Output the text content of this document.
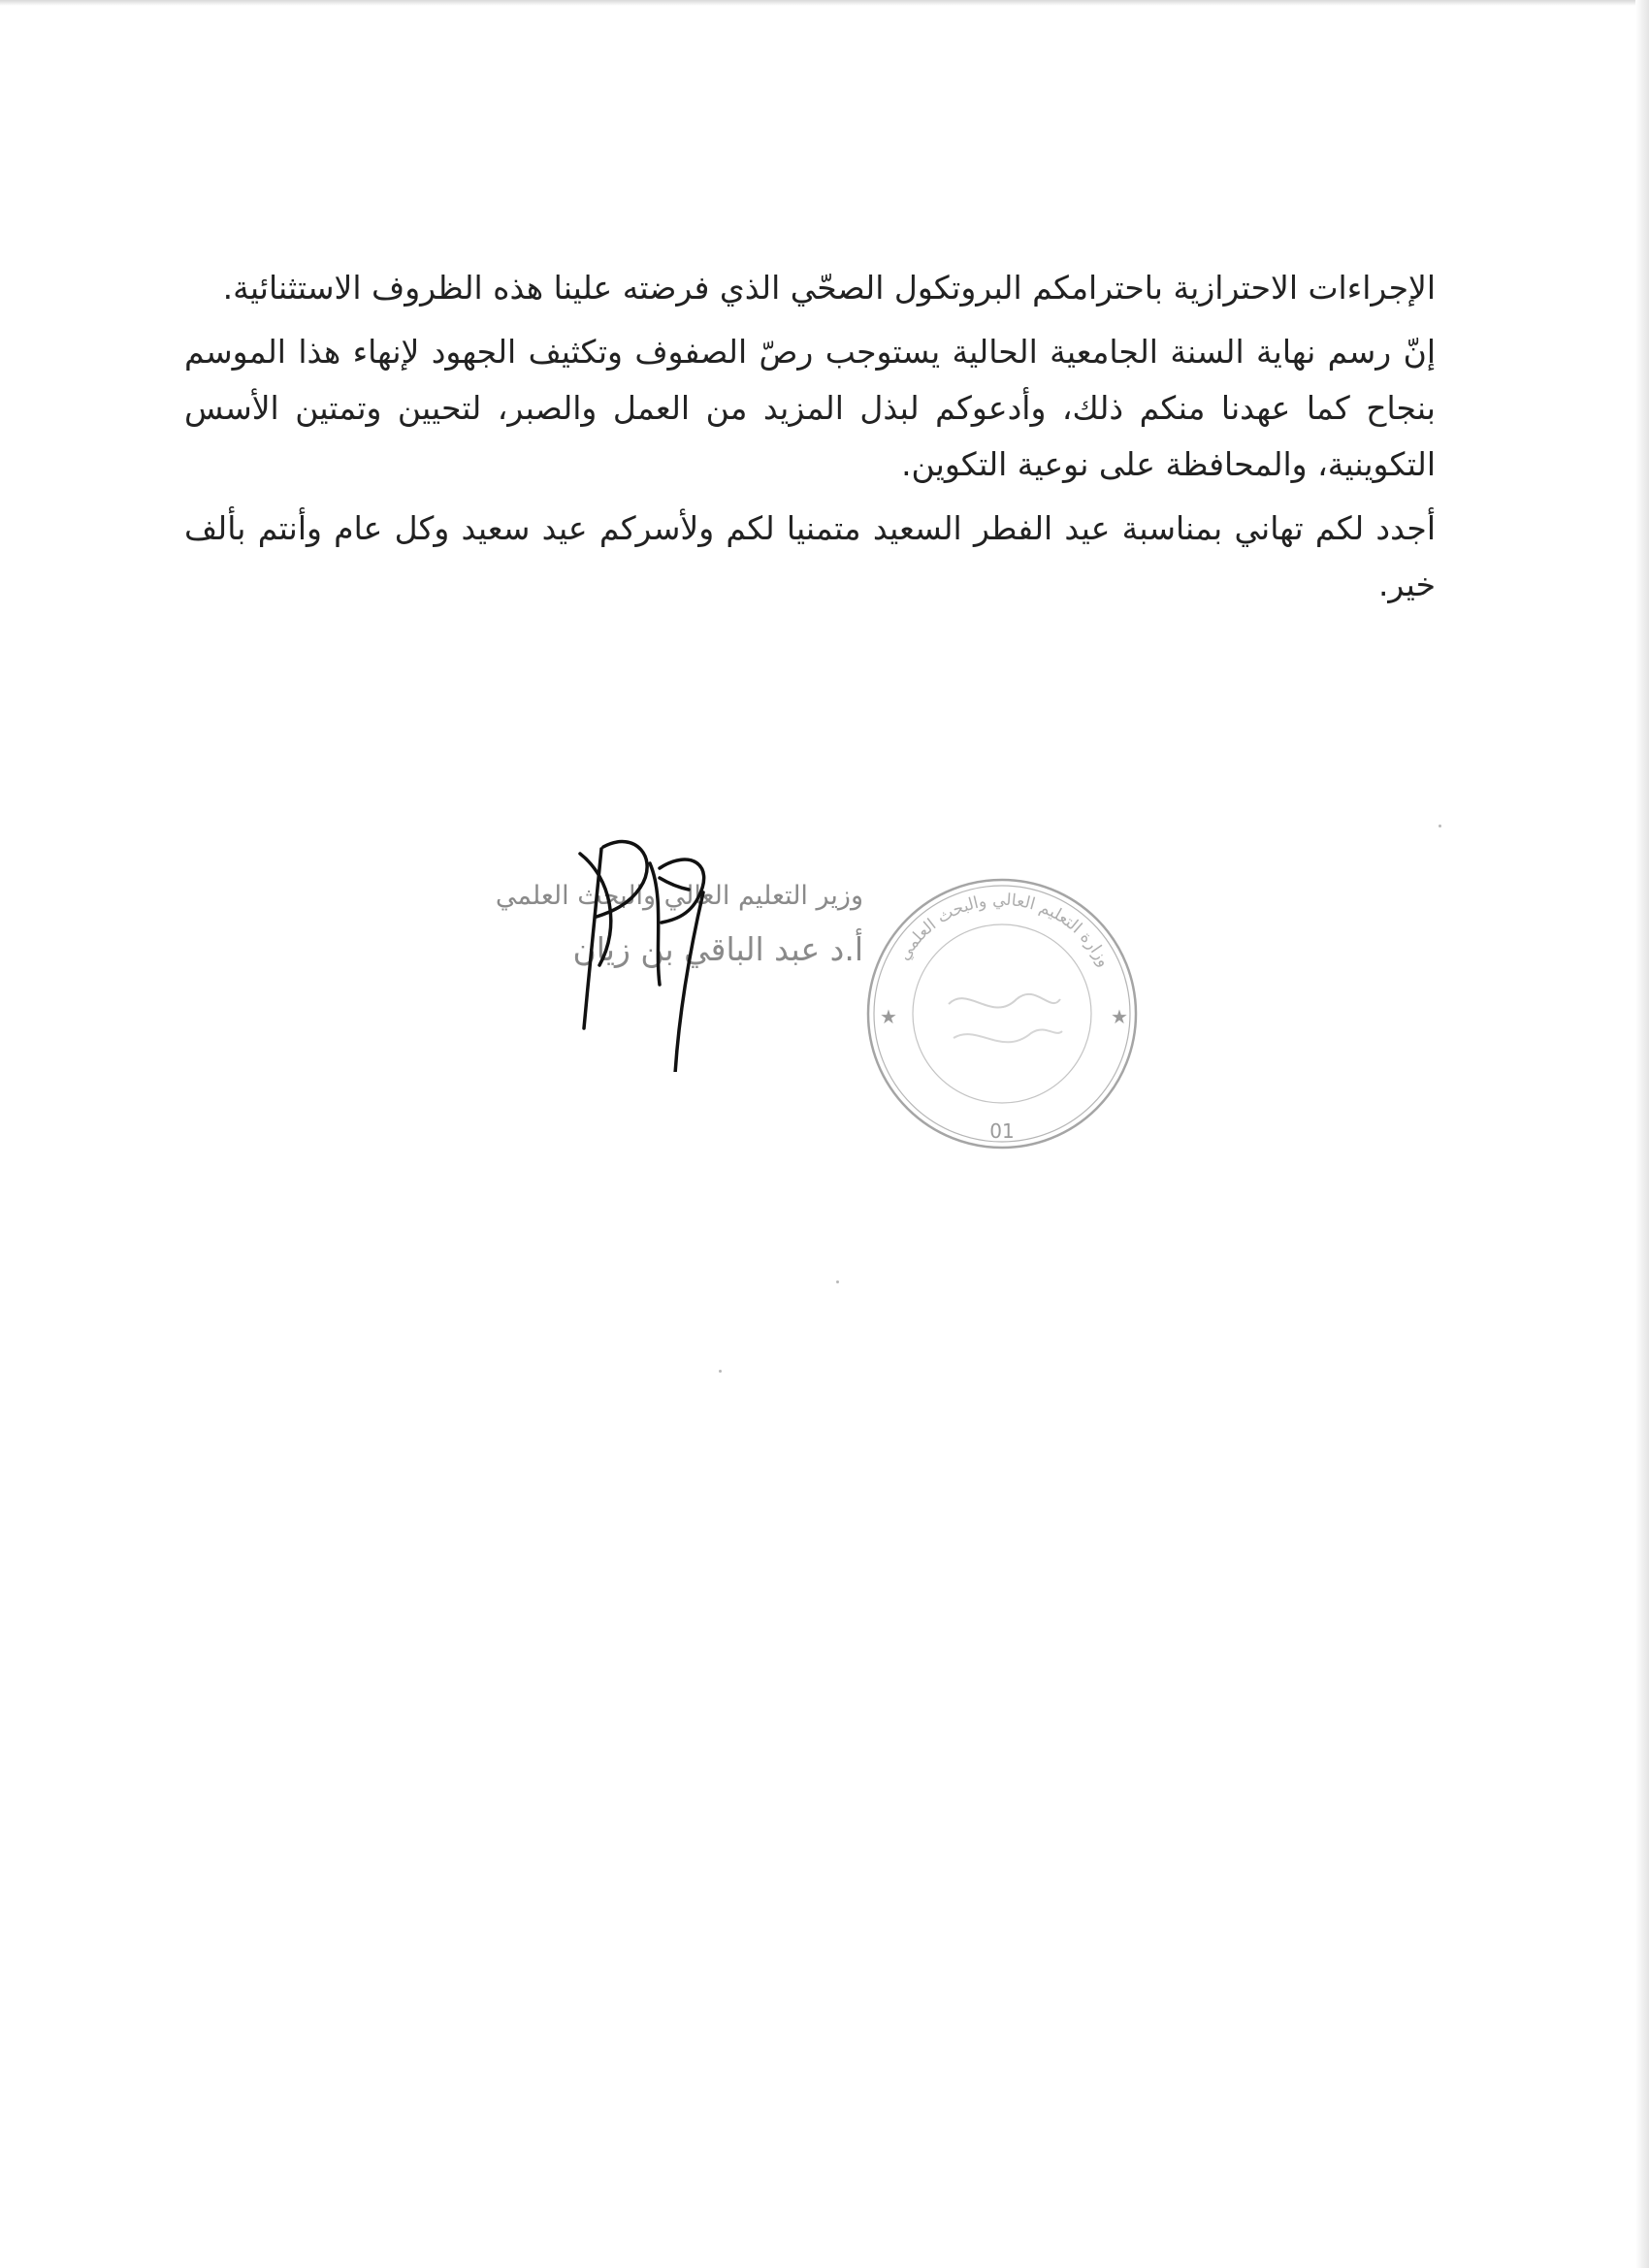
الإجراءات الاحترازية باحترامكم البروتكول الصحّي الذي فرضته علينا هذه الظروف الاستثنائية.

إنّ رسم نهاية السنة الجامعية الحالية يستوجب رصّ الصفوف وتكثيف الجهود لإنهاء هذا الموسم بنجاح كما عهدنا منكم ذلك، وأدعوكم لبذل المزيد من العمل والصبر، لتحيين وتمتين الأسس التكوينية، والمحافظة على نوعية التكوين.

أجدد لكم تهاني بمناسبة عيد الفطر السعيد متمنيا لكم ولأسركم عيد سعيد وكل عام وأنتم بألف خير.

وزارة التعليم العالي والبحث العلمي
★	★
01
وزير التعليم العالي والبحث العلمي
أ.د عبد الباقي بن زيان
